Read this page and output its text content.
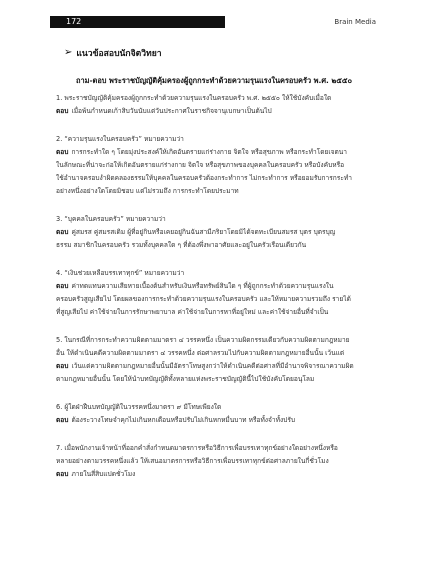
172	Brain Media
➢ แนวข้อสอบนักจิตวิทยา
ถาม-ตอบ พระราชบัญญัติคุ้มครองผู้ถูกกระทำด้วยความรุนแรงในครอบครัว พ.ศ. ๒๕๕๐
1. พระราชบัญญัติคุ้มครองผู้ถูกกระทำด้วยความรุนแรงในครอบครัว พ.ศ. ๒๕๕๐ ให้ใช้บังคับเมื่อใด
ตอบ เมื่อพ้นกำหนดเก้าสิบวันนับแต่วันประกาศในราชกิจจานุเบกษาเป็นต้นไป
2. “ความรุนแรงในครอบครัว” หมายความว่า
ตอบ การกระทำใด ๆ โดยมุ่งประสงค์ให้เกิดอันตรายแก่ร่างกาย จิตใจ หรือสุขภาพ หรือกระทำโดยเจตนา
ในลักษณะที่น่าจะก่อให้เกิดอันตรายแก่ร่างกาย จิตใจ หรือสุขภาพของบุคคลในครอบครัว หรือบังคับหรือ
ใช้อำนาจครอบงำผิดคลองธรรมให้บุคคลในครอบครัวต้องกระทำการ ไม่กระทำการ หรือยอมรับการกระทำ
อย่างหนึ่งอย่างใดโดยมิชอบ แต่ไม่รวมถึง การกระทำโดยประมาท
3. “บุคคลในครอบครัว” หมายความว่า
ตอบ คู่สมรส คู่สมรสเดิม ผู้ที่อยู่กินหรือเคยอยู่กินฉันสามีภริยาโดยมิได้จดทะเบียนสมรส บุตร บุตรบุญ
ธรรม สมาชิกในครอบครัว รวมทั้งบุคคลใด ๆ ที่ต้องพึ่งพาอาศัยและอยู่ในครัวเรือนเดียวกัน
4. “เงินช่วยเหลือบรรเทาทุกข์” หมายความว่า
ตอบ ค่าทดแทนความเสียหายเบื้องต้นสำหรับเงินหรือทรัพย์สินใด ๆ ที่ผู้ถูกกระทำด้วยความรุนแรงใน
ครอบครัวสูญเสียไป โดยผลของการกระทำด้วยความรุนแรงในครอบครัว และให้หมายความรวมถึง รายได้
ที่สูญเสียไป ค่าใช้จ่ายในการรักษาพยาบาล ค่าใช้จ่ายในการหาที่อยู่ใหม่ และค่าใช้จ่ายอื่นที่จำเป็น
5. ในกรณีที่การกระทำความผิดตามมาตรา ๔ วรรคหนึ่ง เป็นความผิดกรรมเดียวกับความผิดตามกฎหมาย
อื่น ให้ดำเนินคดีความผิดตามมาตรา ๔ วรรคหนึ่ง ต่อศาลรวมไปกับความผิดตามกฎหมายอื่นนั้น เว้นแต่
ตอบ เว้นแต่ความผิดตามกฎหมายอื่นนั้นมีอัตราโทษสูงกว่าให้ดำเนินคดีต่อศาลที่มีอำนาจพิจารณาความผิด
ตามกฎหมายอื่นนั้น โดยให้นำบทบัญญัติทั้งหลายแห่งพระราชบัญญัตินี้ไปใช้บังคับโดยอนุโลม
6. ผู้ใดฝ่าฝืนบทบัญญัติในวรรคหนึ่งมาตรา ๙ มีโทษเพียงใด
ตอบ ต้องระวางโทษจำคุกไม่เกินหกเดือนหรือปรับไม่เกินหกหมื่นบาท หรือทั้งจำทั้งปรับ
7. เมื่อพนักงานเจ้าหน้าที่ออกคำสั่งกำหนดมาตรการหรือวิธีการเพื่อบรรเทาทุกข์อย่างใดอย่างหนึ่งหรือ
หลายอย่างตามวรรคหนึ่งแล้ว ให้เสนอมาตรการหรือวิธีการเพื่อบรรเทาทุกข์ต่อศาลภายในกี่ชั่วโมง
ตอบ ภายในสี่สิบแปดชั่วโมง
